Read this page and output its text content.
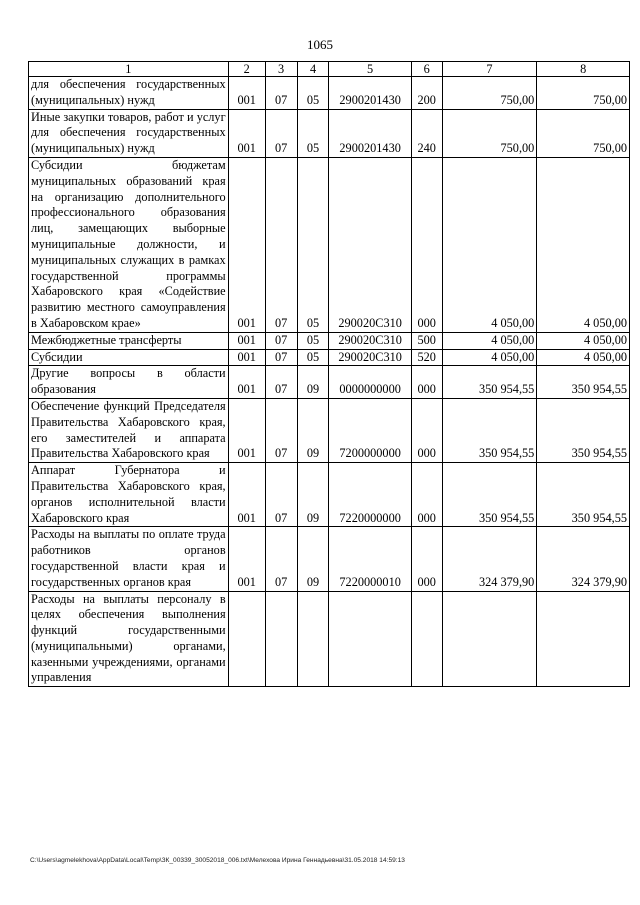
1065
1	2	3	4	5	6	7	8
для обеспечения государственных (муниципальных) нужд	001	07	05	2900201430	200	750,00	750,00
Иные закупки товаров, работ и услуг для обеспечения государственных (муниципальных) нужд	001	07	05	2900201430	240	750,00	750,00
Субсидии бюджетам муниципальных образований края на организацию дополнительного профессионального образования лиц, замещающих выборные муниципальные должности, и муниципальных служащих в рамках государственной программы Хабаровского края «Содействие развитию местного самоуправления в Хабаровском крае»	001	07	05	290020С310	000	4 050,00	4 050,00
Межбюджетные трансферты	001	07	05	290020С310	500	4 050,00	4 050,00
Субсидии	001	07	05	290020С310	520	4 050,00	4 050,00
Другие вопросы в области образования	001	07	09	0000000000	000	350 954,55	350 954,55
Обеспечение функций Председателя Правительства Хабаровского края, его заместителей и аппарата Правительства Хабаровского края	001	07	09	7200000000	000	350 954,55	350 954,55
Аппарат Губернатора и Правительства Хабаровского края, органов исполнительной власти Хабаровского края	001	07	09	7220000000	000	350 954,55	350 954,55
Расходы на выплаты по оплате труда работников органов государственной власти края и государственных органов края	001	07	09	7220000010	000	324 379,90	324 379,90
Расходы на выплаты персоналу в целях обеспечения выполнения функций государственными (муниципальными) органами, казенными учреждениями, органами управления							
C:\Users\agmelekhova\AppData\Local\Temp\ЗК_00339_30052018_006.txt\Мелехова Ирина Геннадьевна\31.05.2018 14:59:13
